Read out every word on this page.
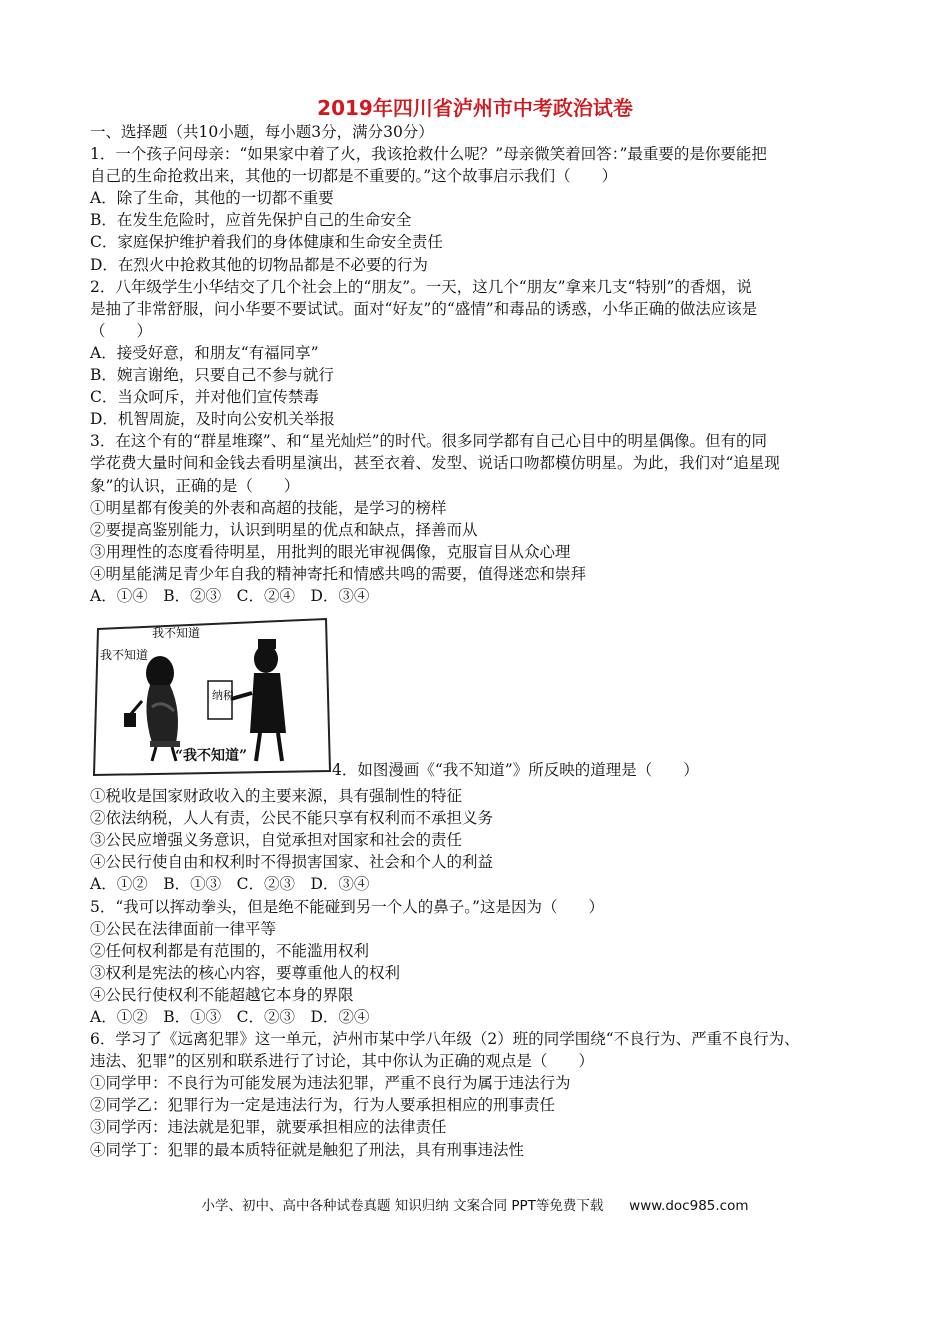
2019年四川省泸州市中考政治试卷
一、选择题（共10小题，每小题3分，满分30分）
1．一个孩子问母亲：“如果家中着了火，我该抢救什么呢？”母亲微笑着回答：”最重要的是你要能把
自己的生命抢救出来，其他的一切都是不重要的。”这个故事启示我们（　　）
A．除了生命，其他的一切都不重要
B．在发生危险时，应首先保护自己的生命安全
C．家庭保护维护着我们的身体健康和生命安全责任
D．在烈火中抢救其他的切物品都是不必要的行为
2．八年级学生小华结交了几个社会上的“朋友”。一天，这几个“朋友”拿来几支“特别”的香烟，说
是抽了非常舒服，问小华要不要试试。面对“好友”的“盛情”和毒品的诱惑，小华正确的做法应该是
（　　）
A．接受好意，和朋友“有福同享”
B．婉言谢绝，只要自己不参与就行
C．当众呵斥，并对他们宣传禁毒
D．机智周旋，及时向公安机关举报
3．在这个有的“群星堆璨”、和“星光灿烂”的时代。很多同学都有自己心目中的明星偶像。但有的同
学花费大量时间和金钱去看明星演出，甚至衣着、发型、说话口吻都模仿明星。为此，我们对“追星现
象”的认识，正确的是（　　）
①明星都有俊美的外表和高超的技能，是学习的榜样
②要提高鉴别能力，认识到明星的优点和缺点，择善而从
③用理性的态度看待明星，用批判的眼光审视偶像，克服盲目从众心理
④明星能满足青少年自我的精神寄托和情感共鸣的需要，值得迷恋和崇拜
A．①④　B．②③　C．②④　D．③④
我不知道
我不知道
纳税
“我不知道”
4．如图漫画《“我不知道”》所反映的道理是（　　）
①税收是国家财政收入的主要来源，具有强制性的特征
②依法纳税，人人有责，公民不能只享有权利而不承担义务
③公民应增强义务意识，自觉承担对国家和社会的责任
④公民行使自由和权利时不得损害国家、社会和个人的利益
A．①②　B．①③　C．②③　D．③④
5．“我可以挥动拳头，但是绝不能碰到另一个人的鼻子。”这是因为（　　）
①公民在法律面前一律平等
②任何权利都是有范围的，不能滥用权利
③权利是宪法的核心内容，要尊重他人的权利
④公民行使权利不能超越它本身的界限
A．①②　B．①③　C．②③　D．②④
6．学习了《远离犯罪》这一单元，泸州市某中学八年级（2）班的同学围绕“不良行为、严重不良行为、
违法、犯罪”的区别和联系进行了讨论，其中你认为正确的观点是（　　）
①同学甲：不良行为可能发展为违法犯罪，严重不良行为属于违法行为
②同学乙：犯罪行为一定是违法行为，行为人要承担相应的刑事责任
③同学丙：违法就是犯罪，就要承担相应的法律责任
④同学丁：犯罪的最本质特征就是触犯了刑法，具有刑事违法性
小学、初中、高中各种试卷真题 知识归纳 文案合同 PPT等免费下载 www.doc985.com
